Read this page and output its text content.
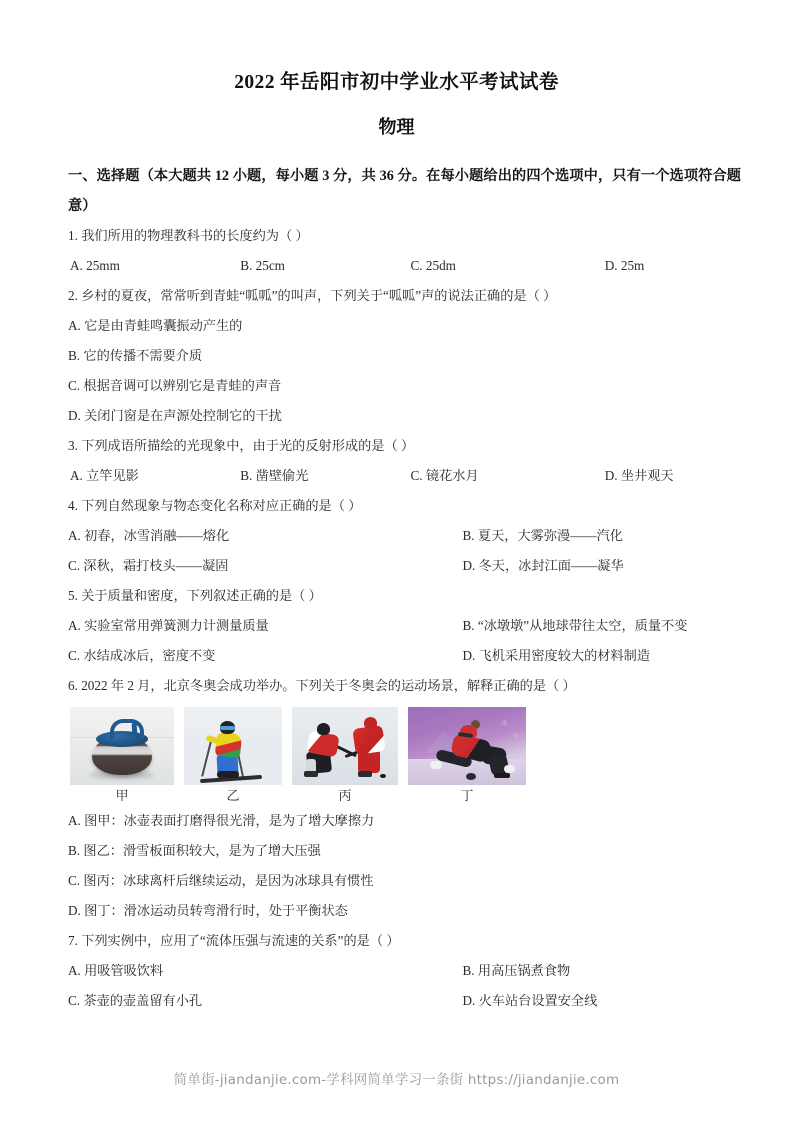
2022 年岳阳市初中学业水平考试试卷
物理

一、选择题（本大题共 12 小题，每小题 3 分，共 36 分。在每小题给出的四个选项中，只有一个选项符合题意）

1. 我们所用的物理教科书的长度约为（ ）

A. 25mm	B. 25cm	C. 25dm	D. 25m

2. 乡村的夏夜，常常听到青蛙“呱呱”的叫声，下列关于“呱呱”声的说法正确的是（ ）

A. 它是由青蛙鸣囊振动产生的
B. 它的传播不需要介质
C. 根据音调可以辨别它是青蛙的声音
D. 关闭门窗是在声源处控制它的干扰

3. 下列成语所描绘的光现象中，由于光的反射形成的是（ ）

A. 立竿见影	B. 凿壁偷光	C. 镜花水月	D. 坐井观天

4. 下列自然现象与物态变化名称对应正确的是（ ）

A. 初春，冰雪消融——熔化	B. 夏天，大雾弥漫——汽化
C. 深秋，霜打枝头——凝固	D. 冬天，冰封江面——凝华

5. 关于质量和密度，下列叙述正确的是（ ）

A. 实验室常用弹簧测力计测量质量	B. “冰墩墩”从地球带往太空，质量不变
C. 水结成冰后，密度不变	D. 飞机采用密度较大的材料制造

6. 2022 年 2 月，北京冬奥会成功举办。下列关于冬奥会的运动场景，解释正确的是（ ）

甲	乙	丙
❄
❄
丁
A. 图甲：冰壶表面打磨得很光滑，是为了增大摩擦力
B. 图乙：滑雪板面积较大，是为了增大压强
C. 图丙：冰球离杆后继续运动，是因为冰球具有惯性
D. 图丁：滑冰运动员转弯滑行时，处于平衡状态

7. 下列实例中，应用了“流体压强与流速的关系”的是（ ）

A. 用吸管吸饮料	B. 用高压锅煮食物
C. 茶壶的壶盖留有小孔	D. 火车站台设置安全线
简单街-jiandanjie.com-学科网简单学习一条街 https://jiandanjie.com
